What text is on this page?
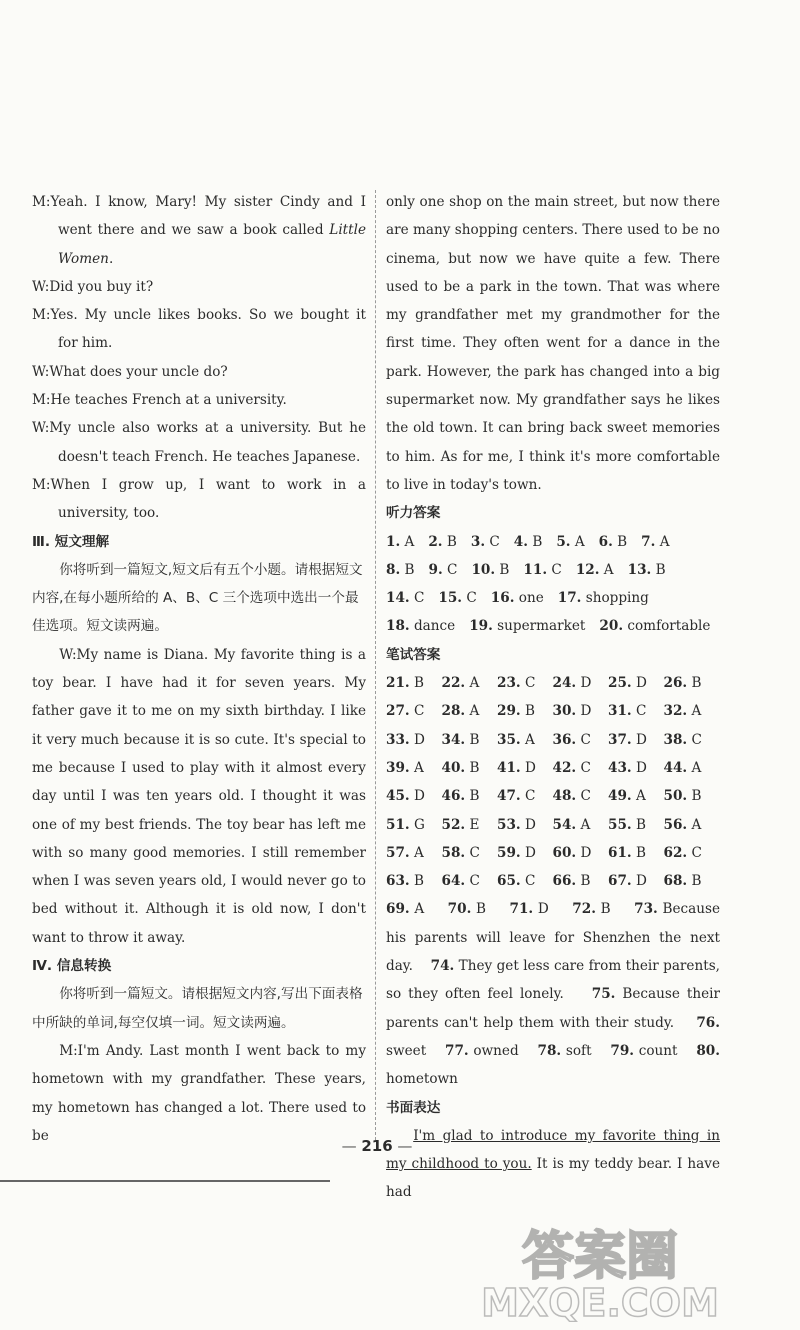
M:Yeah. I know, Mary! My sister Cindy and I went there and we saw a book called Little Women.

W:Did you buy it?

M:Yes. My uncle likes books. So we bought it for him.

W:What does your uncle do?

M:He teaches French at a university.

W:My uncle also works at a university. But he doesn't teach French. He teaches Japanese.

M:When I grow up, I want to work in a university, too.

Ⅲ. 短文理解

你将听到一篇短文,短文后有五个小题。请根据短文内容,在每小题所给的 A、B、C 三个选项中选出一个最佳选项。短文读两遍。

W:My name is Diana. My favorite thing is a toy bear. I have had it for seven years. My father gave it to me on my sixth birthday. I like it very much because it is so cute. It's special to me because I used to play with it almost every day until I was ten years old. I thought it was one of my best friends. The toy bear has left me with so many good memories. I still remember when I was seven years old, I would never go to bed without it. Although it is old now, I don't want to throw it away.

Ⅳ. 信息转换

你将听到一篇短文。请根据短文内容,写出下面表格中所缺的单词,每空仅填一词。短文读两遍。

M:I'm Andy. Last month I went back to my hometown with my grandfather. These years, my hometown has changed a lot. There used to be

only one shop on the main street, but now there are many shopping centers. There used to be no cinema, but now we have quite a few. There used to be a park in the town. That was where my grandfather met my grandmother for the first time. They often went for a dance in the park. However, the park has changed into a big supermarket now. My grandfather says he likes the old town. It can bring back sweet memories to him. As for me, I think it's more comfortable to live in today's town.

听力答案

1. A 2. B 3. C 4. B 5. A 6. B 7. A
8. B 9. C 10. B 11. C 12. A 13. B
14. C 15. C 16. one 17. shopping
18. dance 19. supermarket 20. comfortable

笔试答案

21. B	22. A	23. C	24. D	25. D	26. B
27. C	28. A	29. B	30. D	31. C	32. A
33. D	34. B	35. A	36. C	37. D	38. C
39. A	40. B	41. D	42. C	43. D	44. A
45. D	46. B	47. C	48. C	49. A	50. B
51. G	52. E	53. D	54. A	55. B	56. A
57. A	58. C	59. D	60. D	61. B	62. C
63. B	64. C	65. C	66. B	67. D	68. B

69. A 70. B 71. D 72. B 73. Because his parents will leave for Shenzhen the next day. 74. They get less care from their parents, so they often feel lonely. 75. Because their parents can't help them with their study. 76. sweet 77. owned 78. soft 79. count 80. hometown

书面表达

I'm glad to introduce my favorite thing in my childhood to you. It is my teddy bear. I have had

— 216 —
答案圈
MXQE.COM
